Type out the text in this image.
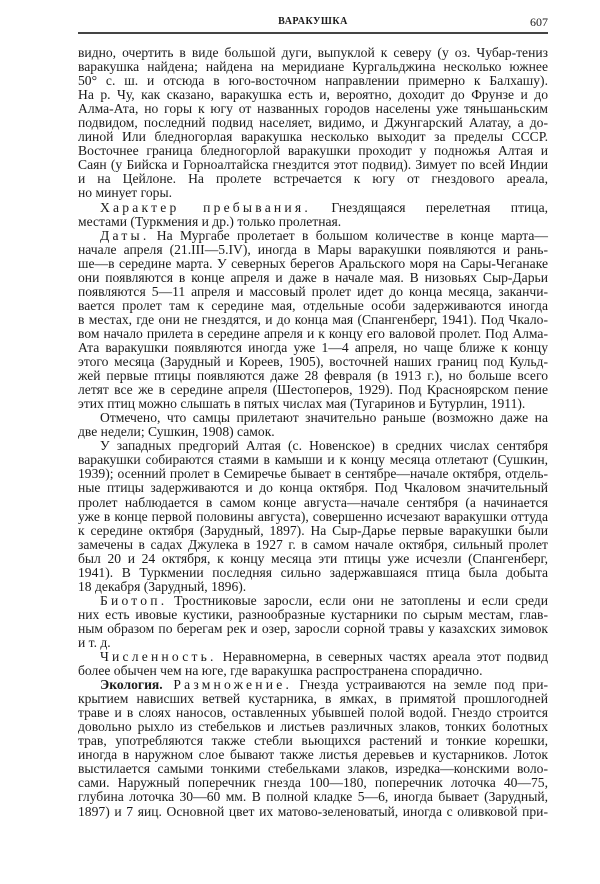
ВАРАКУШКА	607
видно, очертить в виде большой дуги, выпуклой к северу (у оз. Чубар-тениз
варакушка найдена; найдена на меридиане Кургальджина несколько южнее
50° с. ш. и отсюда в юго-восточном направлении примерно к Балхашу).
На р. Чу, как сказано, варакушка есть и, вероятно, доходит до Фрунзе и до
Алма-Ата, но горы к югу от названных городов населены уже тяньшаньским
подвидом, последний подвид населяет, видимо, и Джунгарский Алатау, а до-
линой Или бледногорлая варакушка несколько выходит за пределы СССР.
Восточнее граница бледногорлой варакушки проходит у подножья Алтая и
Саян (у Бийска и Горноалтайска гнездится этот подвид). Зимует по всей Индии
и на Цейлоне. На пролете встречается к югу от гнездового ареала,
но минует горы.
Характер пребывания. Гнездящаяся перелетная птица,
местами (Туркмения и др.) только пролетная.
Даты. На Мургабе пролетает в большом количестве в конце марта—
начале апреля (21.III—5.IV), иногда в Мары варакушки появляются и рань-
ше—в середине марта. У северных берегов Аральского моря на Сары-Чеганаке
они появляются в конце апреля и даже в начале мая. В низовьях Сыр-Дарьи
появляются 5—11 апреля и массовый пролет идет до конца месяца, заканчи-
вается пролет там к середине мая, отдельные особи задерживаются иногда
в местах, где они не гнездятся, и до конца мая (Спангенберг, 1941). Под Чкало-
вом начало прилета в середине апреля и к концу его валовой пролет. Под Алма-
Ата варакушки появляются иногда уже 1—4 апреля, но чаще ближе к концу
этого месяца (Зарудный и Кореев, 1905), восточней наших границ под Кульд-
жей первые птицы появляются даже 28 февраля (в 1913 г.), но больше всего
летят все же в середине апреля (Шестоперов, 1929). Под Красноярском пение
этих птиц можно слышать в пятых числах мая (Тугаринов и Бутурлин, 1911).
Отмечено, что самцы прилетают значительно раньше (возможно даже на
две недели; Сушкин, 1908) самок.
У западных предгорий Алтая (с. Новенское) в средних числах сентября
варакушки собираются стаями в камыши и к концу месяца отлетают (Сушкин,
1939); осенний пролет в Семиречье бывает в сентябре—начале октября, отдель-
ные птицы задерживаются и до конца октября. Под Чкаловом значительный
пролет наблюдается в самом конце августа—начале сентября (а начинается
уже в конце первой половины августа), совершенно исчезают варакушки оттуда
к середине октября (Зарудный, 1897). На Сыр-Дарье первые варакушки были
замечены в садах Джулека в 1927 г. в самом начале октября, сильный пролет
был 20 и 24 октября, к концу месяца эти птицы уже исчезли (Спангенберг,
1941). В Туркмении последняя сильно задержавшаяся птица была добыта
18 декабря (Зарудный, 1896).
Биотоп. Тростниковые заросли, если они не затоплены и если среди
них есть ивовые кустики, разнообразные кустарники по сырым местам, глав-
ным образом по берегам рек и озер, заросли сорной травы у казахских зимовок
и т. д.
Численность. Неравномерна, в северных частях ареала этот подвид
более обычен чем на юге, где варакушка распространена спорадично.
Экология. Размножение. Гнезда устраиваются на земле под при-
крытием нависших ветвей кустарника, в ямках, в примятой прошлогодней
траве и в слоях наносов, оставленных убывшей полой водой. Гнездо строится
довольно рыхло из стебельков и листьев различных злаков, тонких болотных
трав, употребляются также стебли вьющихся растений и тонкие корешки,
иногда в наружном слое бывают также листья деревьев и кустарников. Лоток
выстилается самыми тонкими стебельками злаков, изредка—конскими воло-
сами. Наружный поперечник гнезда 100—180, поперечник лоточка 40—75,
глубина лоточка 30—60 мм. В полной кладке 5—6, иногда бывает (Зарудный,
1897) и 7 яиц. Основной цвет их матово-зеленоватый, иногда с оливковой при-
